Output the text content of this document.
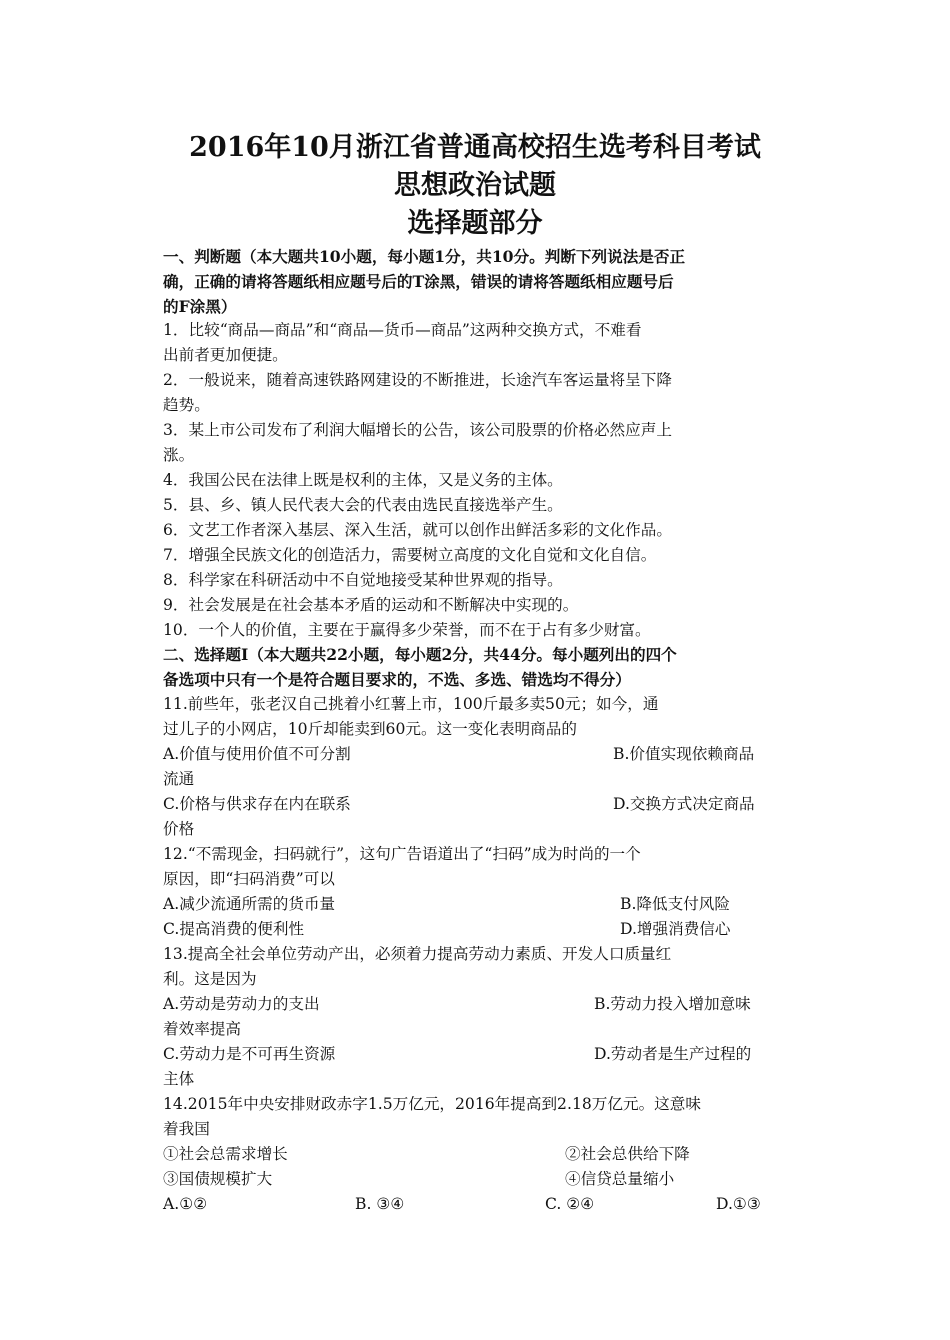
2016年10月浙江省普通高校招生选考科目考试
思想政治试题
选择题部分
一、判断题（本大题共10小题，每小题1分，共10分。判断下列说法是否正
确，正确的请将答题纸相应题号后的T涂黑，错误的请将答题纸相应题号后
的F涂黑）
1．比较“商品—商品”和“商品—货币—商品”这两种交换方式，不难看
出前者更加便捷。
2．一般说来，随着高速铁路网建设的不断推进，长途汽车客运量将呈下降
趋势。
3．某上市公司发布了利润大幅增长的公告，该公司股票的价格必然应声上
涨。
4．我国公民在法律上既是权利的主体，又是义务的主体。
5．县、乡、镇人民代表大会的代表由选民直接选举产生。
6．文艺工作者深入基层、深入生活，就可以创作出鲜活多彩的文化作品。
7．增强全民族文化的创造活力，需要树立高度的文化自觉和文化自信。
8．科学家在科研活动中不自觉地接受某种世界观的指导。
9．社会发展是在社会基本矛盾的运动和不断解决中实现的。
10．一个人的价值，主要在于赢得多少荣誉，而不在于占有多少财富。
二、选择题Ⅰ（本大题共22小题，每小题2分，共44分。每小题列出的四个
备选项中只有一个是符合题目要求的，不选、多选、错选均不得分）
11.前些年，张老汉自己挑着小红薯上市，100斤最多卖50元；如今，通
过儿子的小网店，10斤却能卖到60元。这一变化表明商品的
A.价值与使用价值不可分割	B.价值实现依赖商品
流通
C.价格与供求存在内在联系	D.交换方式决定商品
价格
12.“不需现金，扫码就行”，这句广告语道出了“扫码”成为时尚的一个
原因，即“扫码消费”可以
A.减少流通所需的货币量	B.降低支付风险
C.提高消费的便利性	D.增强消费信心
13.提高全社会单位劳动产出，必须着力提高劳动力素质、开发人口质量红
利。这是因为
A.劳动是劳动力的支出	B.劳动力投入增加意味
着效率提高
C.劳动力是不可再生资源	D.劳动者是生产过程的
主体
14.2015年中央安排财政赤字1.5万亿元，2016年提高到2.18万亿元。这意味
着我国
①社会总需求增长	②社会总供给下降
③国债规模扩大	④信贷总量缩小
A.①②	B. ③④	C. ②④	D.①③
